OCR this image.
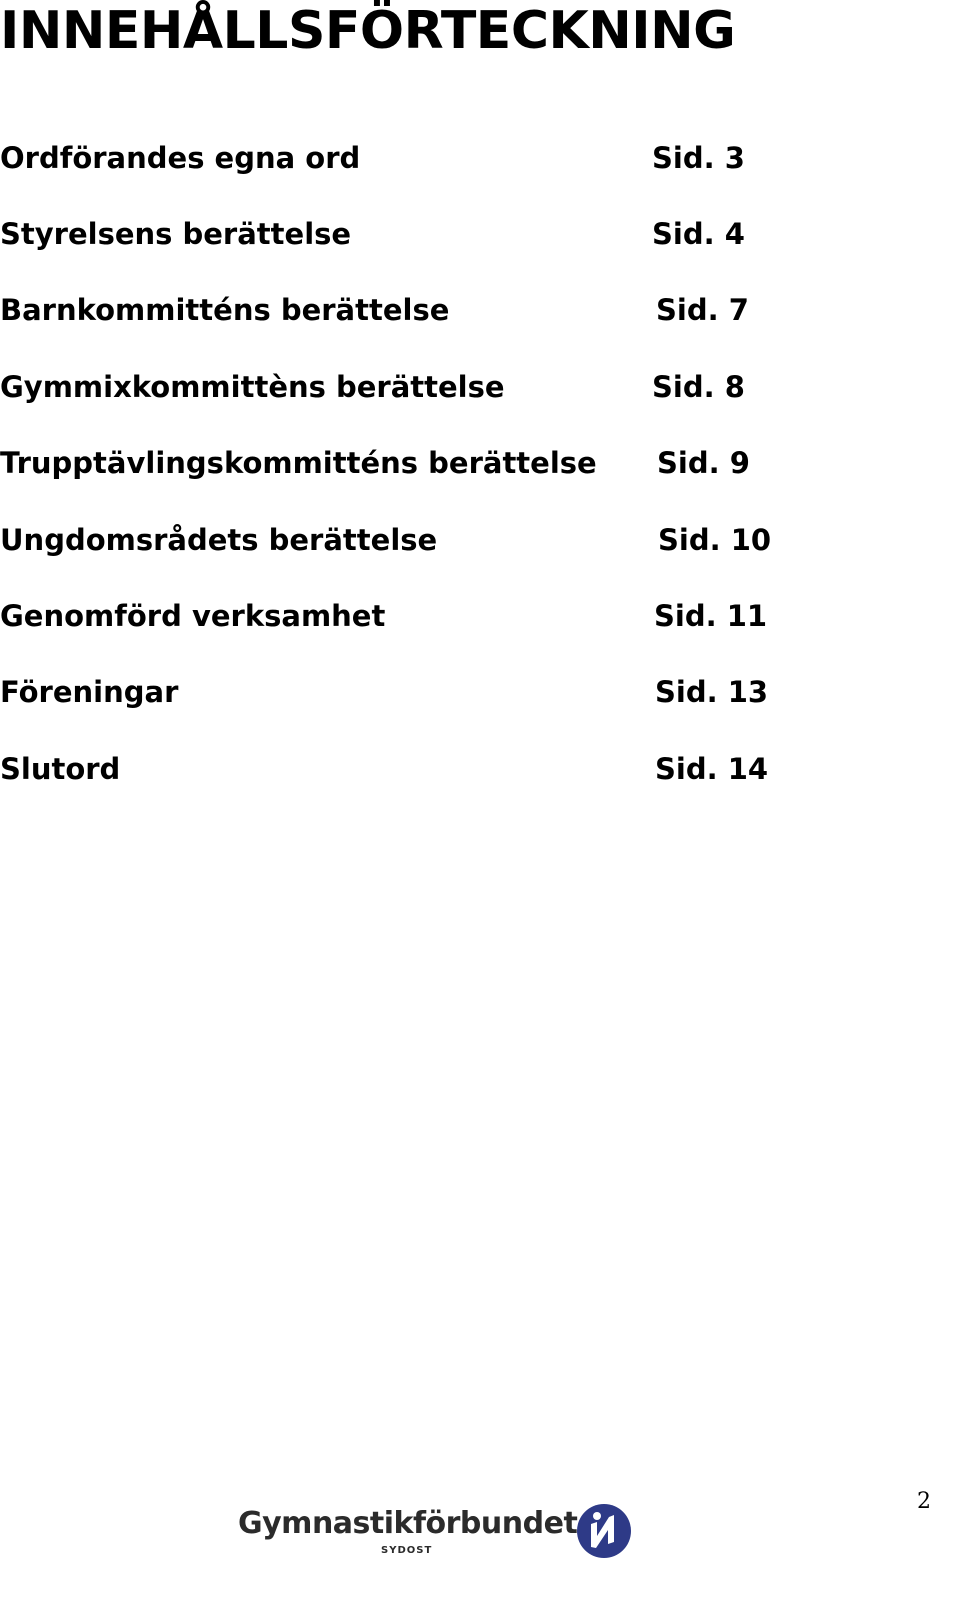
INNEHÅLLSFÖRTECKNING
Ordförandes egna ord	Sid. 3
Styrelsens berättelse	Sid. 4
Barnkommitténs berättelse	Sid. 7
Gymmixkommittèns berättelse	Sid. 8
Trupptävlingskommitténs berättelse Sid. 9
Ungdomsrådets berättelse	Sid. 10
Genomförd verksamhet	Sid. 11
Föreningar	Sid. 13
Slutord	Sid. 14
Gymnastikförbundet
SYDOST
2
